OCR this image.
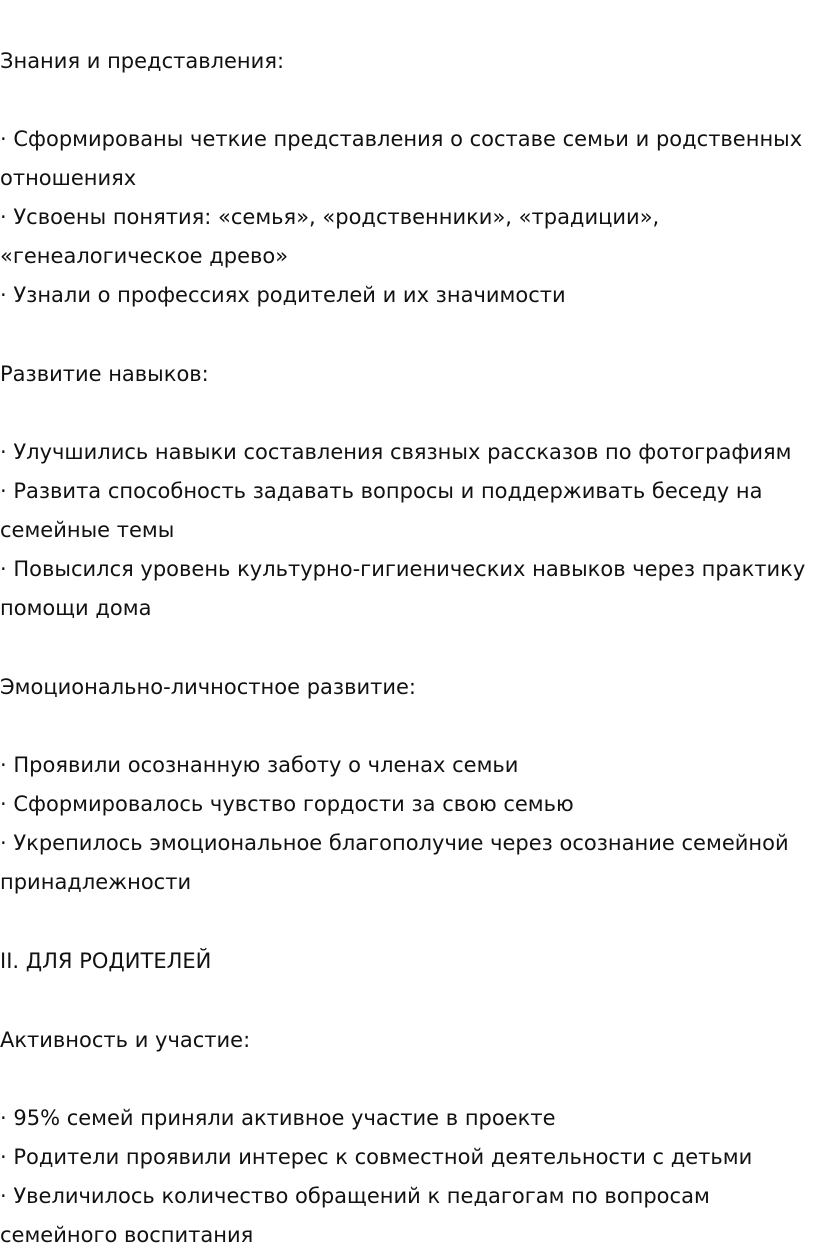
Знания и представления:
· Сформированы четкие представления о составе семьи и родственных
отношениях
· Усвоены понятия: «семья», «родственники», «традиции»,
«генеалогическое древо»
· Узнали о профессиях родителей и их значимости
Развитие навыков:
· Улучшились навыки составления связных рассказов по фотографиям
· Развита способность задавать вопросы и поддерживать беседу на
семейные темы
· Повысился уровень культурно-гигиенических навыков через практику
помощи дома
Эмоционально-личностное развитие:
· Проявили осознанную заботу о членах семьи
· Сформировалось чувство гордости за свою семью
· Укрепилось эмоциональное благополучие через осознание семейной
принадлежности
II. ДЛЯ РОДИТЕЛЕЙ
Активность и участие:
· 95% семей приняли активное участие в проекте
· Родители проявили интерес к совместной деятельности с детьми
· Увеличилось количество обращений к педагогам по вопросам
семейного воспитания
